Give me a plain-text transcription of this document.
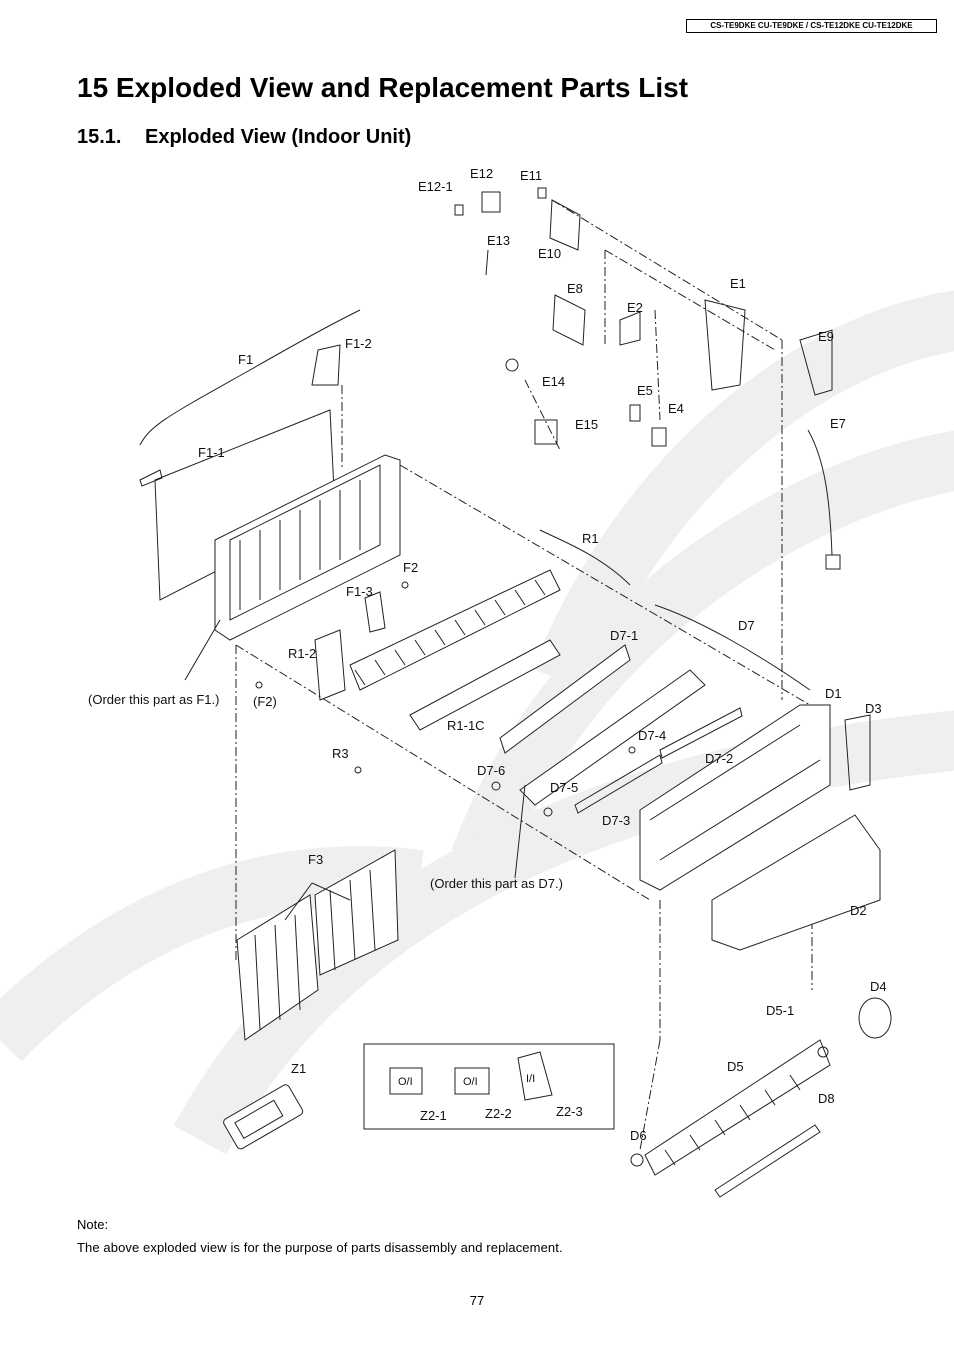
CS-TE9DKE CU-TE9DKE / CS-TE12DKE CU-TE12DKE
15 Exploded View and Replacement Parts List
15.1. Exploded View (Indoor Unit)
E12-1
E12 E11
E13
E10
E8
E2
E1
E9
E14
E5
E4
E7
E15
F1
F1-2
F1-1
F2
F1-3
R1
R1-2
(Order this part as F1.)	(F2)
R1-1C
R3
D7-1
D7
D1
D3
D7-4
D7-2
D7-6
D7-5
D7-3
F3
(Order this part as D7.)
D2
D4
D5-1
D5
D8
D6
Z1
O/I	O/I	I/I
Z2-1	Z2-2	Z2-3
Note:
The above exploded view is for the purpose of parts disassembly and replacement.
77
